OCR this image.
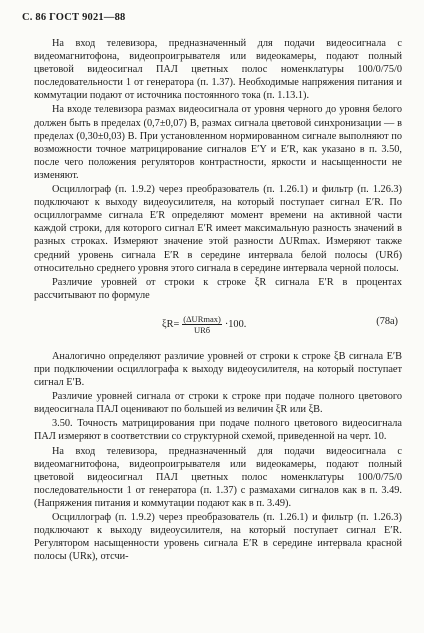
С. 86 ГОСТ 9021—88

На вход телевизора, предназначенный для подачи видеосигнала с видеомагнитофона, видеопроигрывателя или видеокамеры, подают полный цветовой видеосигнал ПАЛ цветных полос номенклатуры 100/0/75/0 последовательности 1 от генератора (п. 1.37). Необходимые напряжения питания и коммутации подают от источника постоянного тока (п. 1.13.1).

На входе телевизора размах видеосигнала от уровня черного до уровня белого должен быть в пределах (0,7±0,07) В, размах сигнала цветовой синхронизации — в пределах (0,30±0,03) В. При установленном нормированном сигнале выполняют по возможности точное матрицирование сигналов E′Y и E′R, как указано в п. 3.50, после чего положения регуляторов контрастности, яркости и насыщенности не изменяют.

Осциллограф (п. 1.9.2) через преобразователь (п. 1.26.1) и фильтр (п. 1.26.3) подключают к выходу видеоусилителя, на который поступает сигнал E′R. По осциллограмме сигнала E′R определяют момент времени на активной части каждой строки, для которого сигнал E′R имеет максимальную разность значений в разных строках. Измеряют значение этой разности ΔURmax. Измеряют также средний уровень сигнала E′R в середине интервала белой полосы (URб) относительно среднего уровня этого сигнала в середине интервала черной полосы.

Различие уровней от строки к строке ξR сигнала E′R в процентах рассчитывают по формуле

$\xi R= \frac{\text{(ΔURmax)}}{\text{URб}} \cdot 100$.	(78а)

Аналогично определяют различие уровней от строки к строке ξB сигнала E′B при подключении осциллографа к выходу видеоусилителя, на который поступает сигнал E′B.

Различие уровней сигнала от строки к строке при подаче полного цветового видеосигнала ПАЛ оценивают по большей из величин ξR или ξB.

3.50. Точность матрицирования при подаче полного цветового видеосигнала ПАЛ измеряют в соответствии со структурной схемой, приведенной на черт. 10.

На вход телевизора, предназначенный для подачи видеосигнала с видеомагнитофона, видеопроигрывателя или видеокамеры, подают полный цветовой видеосигнал ПАЛ цветных полос номенклатуры 100/0/75/0 последовательности 1 от генератора (п. 1.37) с размахами сигналов как в п. 3.49. (Напряжения питания и коммутации подают как в п. 3.49).

Осциллограф (п. 1.9.2) через преобразователь (п. 1.26.1) и фильтр (п. 1.26.3) подключают к выходу видеоусилителя, на который поступает сигнал E′R. Регулятором насыщенности уровень сигнала E′R в середине интервала красной полосы (URк), отсчи-
